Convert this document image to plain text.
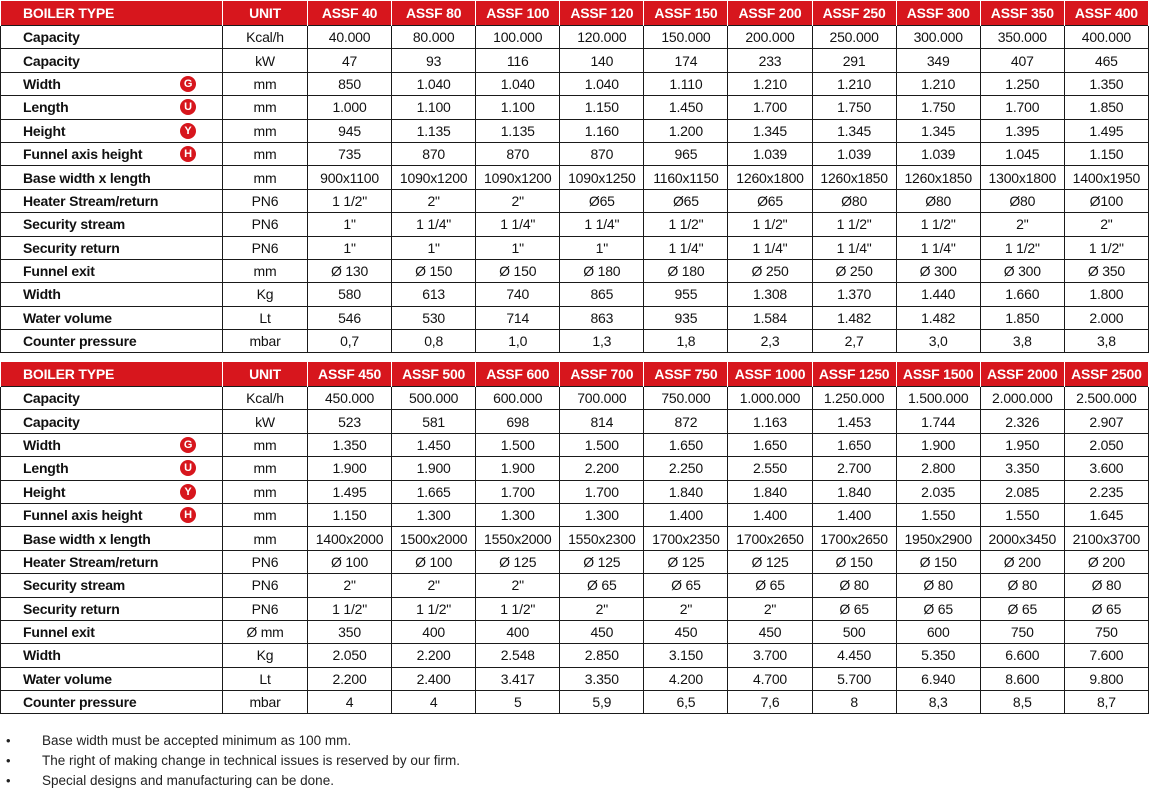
BOILER TYPE	UNIT	ASSF 40	ASSF 80	ASSF 100	ASSF 120	ASSF 150	ASSF 200	ASSF 250	ASSF 300	ASSF 350	ASSF 400
Capacity	Kcal/h	40.000	80.000	100.000	120.000	150.000	200.000	250.000	300.000	350.000	400.000
Capacity	kW	47	93	116	140	174	233	291	349	407	465
Width G	mm	850	1.040	1.040	1.040	1.110	1.210	1.210	1.210	1.250	1.350
Length U	mm	1.000	1.100	1.100	1.150	1.450	1.700	1.750	1.750	1.700	1.850
Height Y	mm	945	1.135	1.135	1.160	1.200	1.345	1.345	1.345	1.395	1.495
Funnel axis height H	mm	735	870	870	870	965	1.039	1.039	1.039	1.045	1.150
Base width x length	mm	900x1100	1090x1200	1090x1200	1090x1250	1160x1150	1260x1800	1260x1850	1260x1850	1300x1800	1400x1950
Heater Stream/return	PN6	1 1/2"	2"	2"	Ø65	Ø65	Ø65	Ø80	Ø80	Ø80	Ø100
Security stream	PN6	1"	1 1/4"	1 1/4"	1 1/4"	1 1/2"	1 1/2"	1 1/2"	1 1/2"	2"	2"
Security return	PN6	1"	1"	1"	1"	1 1/4"	1 1/4"	1 1/4"	1 1/4"	1 1/2"	1 1/2"
Funnel exit	mm	Ø 130	Ø 150	Ø 150	Ø 180	Ø 180	Ø 250	Ø 250	Ø 300	Ø 300	Ø 350
Width	Kg	580	613	740	865	955	1.308	1.370	1.440	1.660	1.800
Water volume	Lt	546	530	714	863	935	1.584	1.482	1.482	1.850	2.000
Counter pressure	mbar	0,7	0,8	1,0	1,3	1,8	2,3	2,7	3,0	3,8	3,8
BOILER TYPE	UNIT	ASSF 450	ASSF 500	ASSF 600	ASSF 700	ASSF 750	ASSF 1000	ASSF 1250	ASSF 1500	ASSF 2000	ASSF 2500
Capacity	Kcal/h	450.000	500.000	600.000	700.000	750.000	1.000.000	1.250.000	1.500.000	2.000.000	2.500.000
Capacity	kW	523	581	698	814	872	1.163	1.453	1.744	2.326	2.907
Width G	mm	1.350	1.450	1.500	1.500	1.650	1.650	1.650	1.900	1.950	2.050
Length U	mm	1.900	1.900	1.900	2.200	2.250	2.550	2.700	2.800	3.350	3.600
Height Y	mm	1.495	1.665	1.700	1.700	1.840	1.840	1.840	2.035	2.085	2.235
Funnel axis height H	mm	1.150	1.300	1.300	1.300	1.400	1.400	1.400	1.550	1.550	1.645
Base width x length	mm	1400x2000	1500x2000	1550x2000	1550x2300	1700x2350	1700x2650	1700x2650	1950x2900	2000x3450	2100x3700
Heater Stream/return	PN6	Ø 100	Ø 100	Ø 125	Ø 125	Ø 125	Ø 125	Ø 150	Ø 150	Ø 200	Ø 200
Security stream	PN6	2"	2"	2"	Ø 65	Ø 65	Ø 65	Ø 80	Ø 80	Ø 80	Ø 80
Security return	PN6	1 1/2"	1 1/2"	1 1/2"	2"	2"	2"	Ø 65	Ø 65	Ø 65	Ø 65
Funnel exit	Ø mm	350	400	400	450	450	450	500	600	750	750
Width	Kg	2.050	2.200	2.548	2.850	3.150	3.700	4.450	5.350	6.600	7.600
Water volume	Lt	2.200	2.400	3.417	3.350	4.200	4.700	5.700	6.940	8.600	9.800
Counter pressure	mbar	4	4	5	5,9	6,5	7,6	8	8,3	8,5	8,7
• Base width must be accepted minimum as 100 mm.
• The right of making change in technical issues is reserved by our firm.
• Special designs and manufacturing can be done.
